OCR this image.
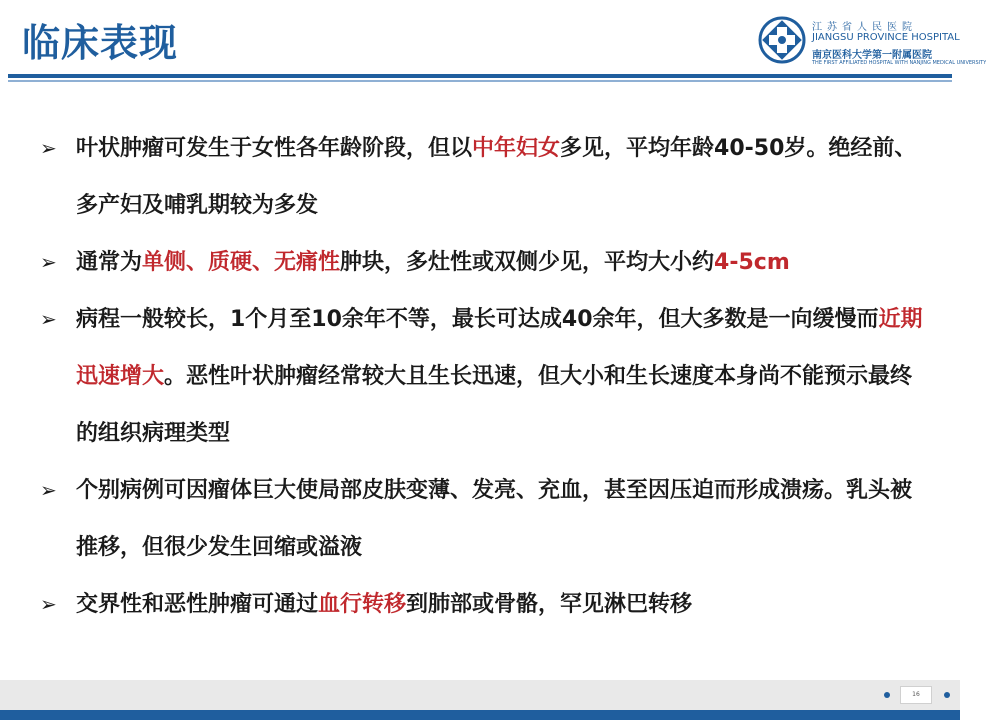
临床表现	江苏省人民医院
JIANGSU PROVINCE HOSPITAL
南京医科大学第一附属医院
THE FIRST AFFILIATED HOSPITAL WITH NANJING MEDICAL UNIVERSITY
➢ 叶状肿瘤可发生于女性各年龄阶段，但以中年妇女多见，平均年龄40-50岁。绝经前、多产妇及哺乳期较为多发
➢ 通常为单侧、质硬、无痛性肿块，多灶性或双侧少见，平均大小约4-5cm
➢ 病程一般较长，1个月至10余年不等，最长可达成40余年，但大多数是一向缓慢而近期迅速增大。恶性叶状肿瘤经常较大且生长迅速，但大小和生长速度本身尚不能预示最终的组织病理类型
➢ 个别病例可因瘤体巨大使局部皮肤变薄、发亮、充血，甚至因压迫而形成溃疡。乳头被推移，但很少发生回缩或溢液
➢ 交界性和恶性肿瘤可通过血行转移到肺部或骨骼，罕见淋巴转移
16
